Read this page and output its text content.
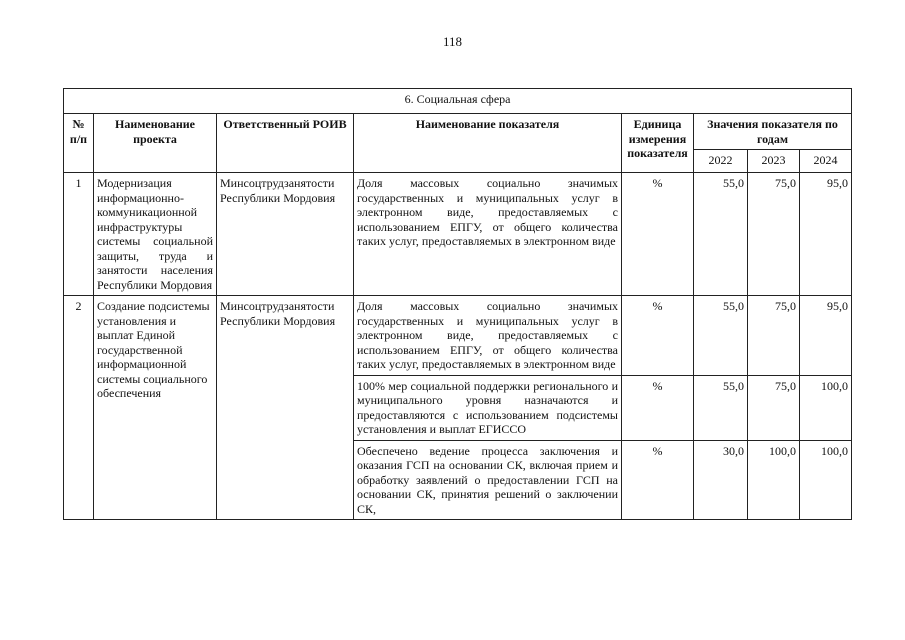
118
6. Социальная сфера							
№ п/п	Наименование проекта	Ответственный РОИВ	Наименование показателя	Единица измерения показателя	Значения показателя по годам		
					2022	2023	2024
1	Модернизация информационно-коммуникационной инфраструктуры системы социальной защиты, труда и занятости населения Республики Мордовия	Минсоцтрудзанятости Республики Мордовия	Доля массовых социально значимых государственных и муниципальных услуг в электронном виде, предоставляемых с использованием ЕПГУ, от общего количества таких услуг, предоставляемых в электронном виде	%	55,0	75,0	95,0
2	Создание подсистемы установления и выплат Единой государственной информационной системы социального обеспечения	Минсоцтрудзанятости Республики Мордовия	Доля массовых социально значимых государственных и муниципальных услуг в электронном виде, предоставляемых с использованием ЕПГУ, от общего количества таких услуг, предоставляемых в электронном виде	%	55,0	75,0	95,0
			100% мер социальной поддержки регионального и муниципального уровня назначаются и предоставляются с использованием подсистемы установления и выплат ЕГИССО	%	55,0	75,0	100,0
			Обеспечено ведение процесса заключения и оказания ГСП на основании СК, включая прием и обработку заявлений о предоставлении ГСП на основании СК, принятия решений о заключении СК,	%	30,0	100,0	100,0
